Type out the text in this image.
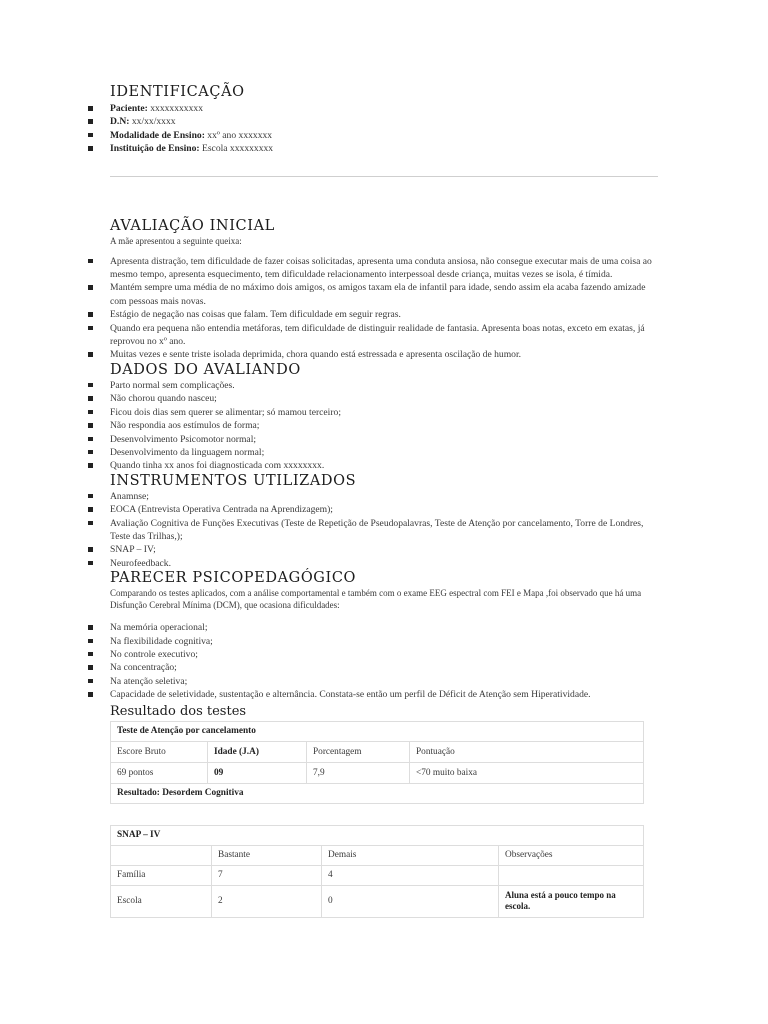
IDENTIFICAÇÃO
Paciente: xxxxxxxxxxx
D.N: xx/xx/xxxx
Modalidade de Ensino: xxº ano xxxxxxx
Instituição de Ensino: Escola xxxxxxxxx
AVALIAÇÃO INICIAL

A mãe apresentou a seguinte queixa:

Apresenta distração, tem dificuldade de fazer coisas solicitadas, apresenta uma conduta ansiosa, não consegue executar mais de uma coisa ao mesmo tempo, apresenta esquecimento, tem dificuldade relacionamento interpessoal desde criança, muitas vezes se isola, é tímida.
Mantém sempre uma média de no máximo dois amigos, os amigos taxam ela de infantil para idade, sendo assim ela acaba fazendo amizade com pessoas mais novas.
Estágio de negação nas coisas que falam. Tem dificuldade em seguir regras.
Quando era pequena não entendia metáforas, tem dificuldade de distinguir realidade de fantasia. Apresenta boas notas, exceto em exatas, já reprovou no xº ano.
Muitas vezes e sente triste isolada deprimida, chora quando está estressada e apresenta oscilação de humor.
DADOS DO AVALIANDO
Parto normal sem complicações.
Não chorou quando nasceu;
Ficou dois dias sem querer se alimentar; só mamou terceiro;
Não respondia aos estímulos de forma;
Desenvolvimento Psicomotor normal;
Desenvolvimento da linguagem normal;
Quando tinha xx anos foi diagnosticada com xxxxxxxx.
INSTRUMENTOS UTILIZADOS
Anamnse;
EOCA (Entrevista Operativa Centrada na Aprendizagem);
Avaliação Cognitiva de Funções Executivas (Teste de Repetição de Pseudopalavras, Teste de Atenção por cancelamento, Torre de Londres, Teste das Trilhas,);
SNAP – IV;
Neurofeedback.
PARECER PSICOPEDAGÓGICO

Comparando os testes aplicados, com a análise comportamental e também com o exame EEG espectral com FEI e Mapa ,foi observado que há uma Disfunção Cerebral Mínima (DCM), que ocasiona dificuldades:

Na memória operacional;
Na flexibilidade cognitiva;
No controle executivo;
Na concentração;
Na atenção seletiva;
Capacidade de seletividade, sustentação e alternância. Constata-se então um perfil de Déficit de Atenção sem Hiperatividade.
Resultado dos testes
Teste de Atenção por cancelamento			
Escore Bruto	Idade (J.A)	Porcentagem	Pontuação
69 pontos	09	7,9	<70 muito baixa
Resultado: Desordem Cognitiva			
SNAP – IV			
	Bastante	Demais	Observações
Família	7	4	
Escola	2	0	Aluna está a pouco tempo na escola.
